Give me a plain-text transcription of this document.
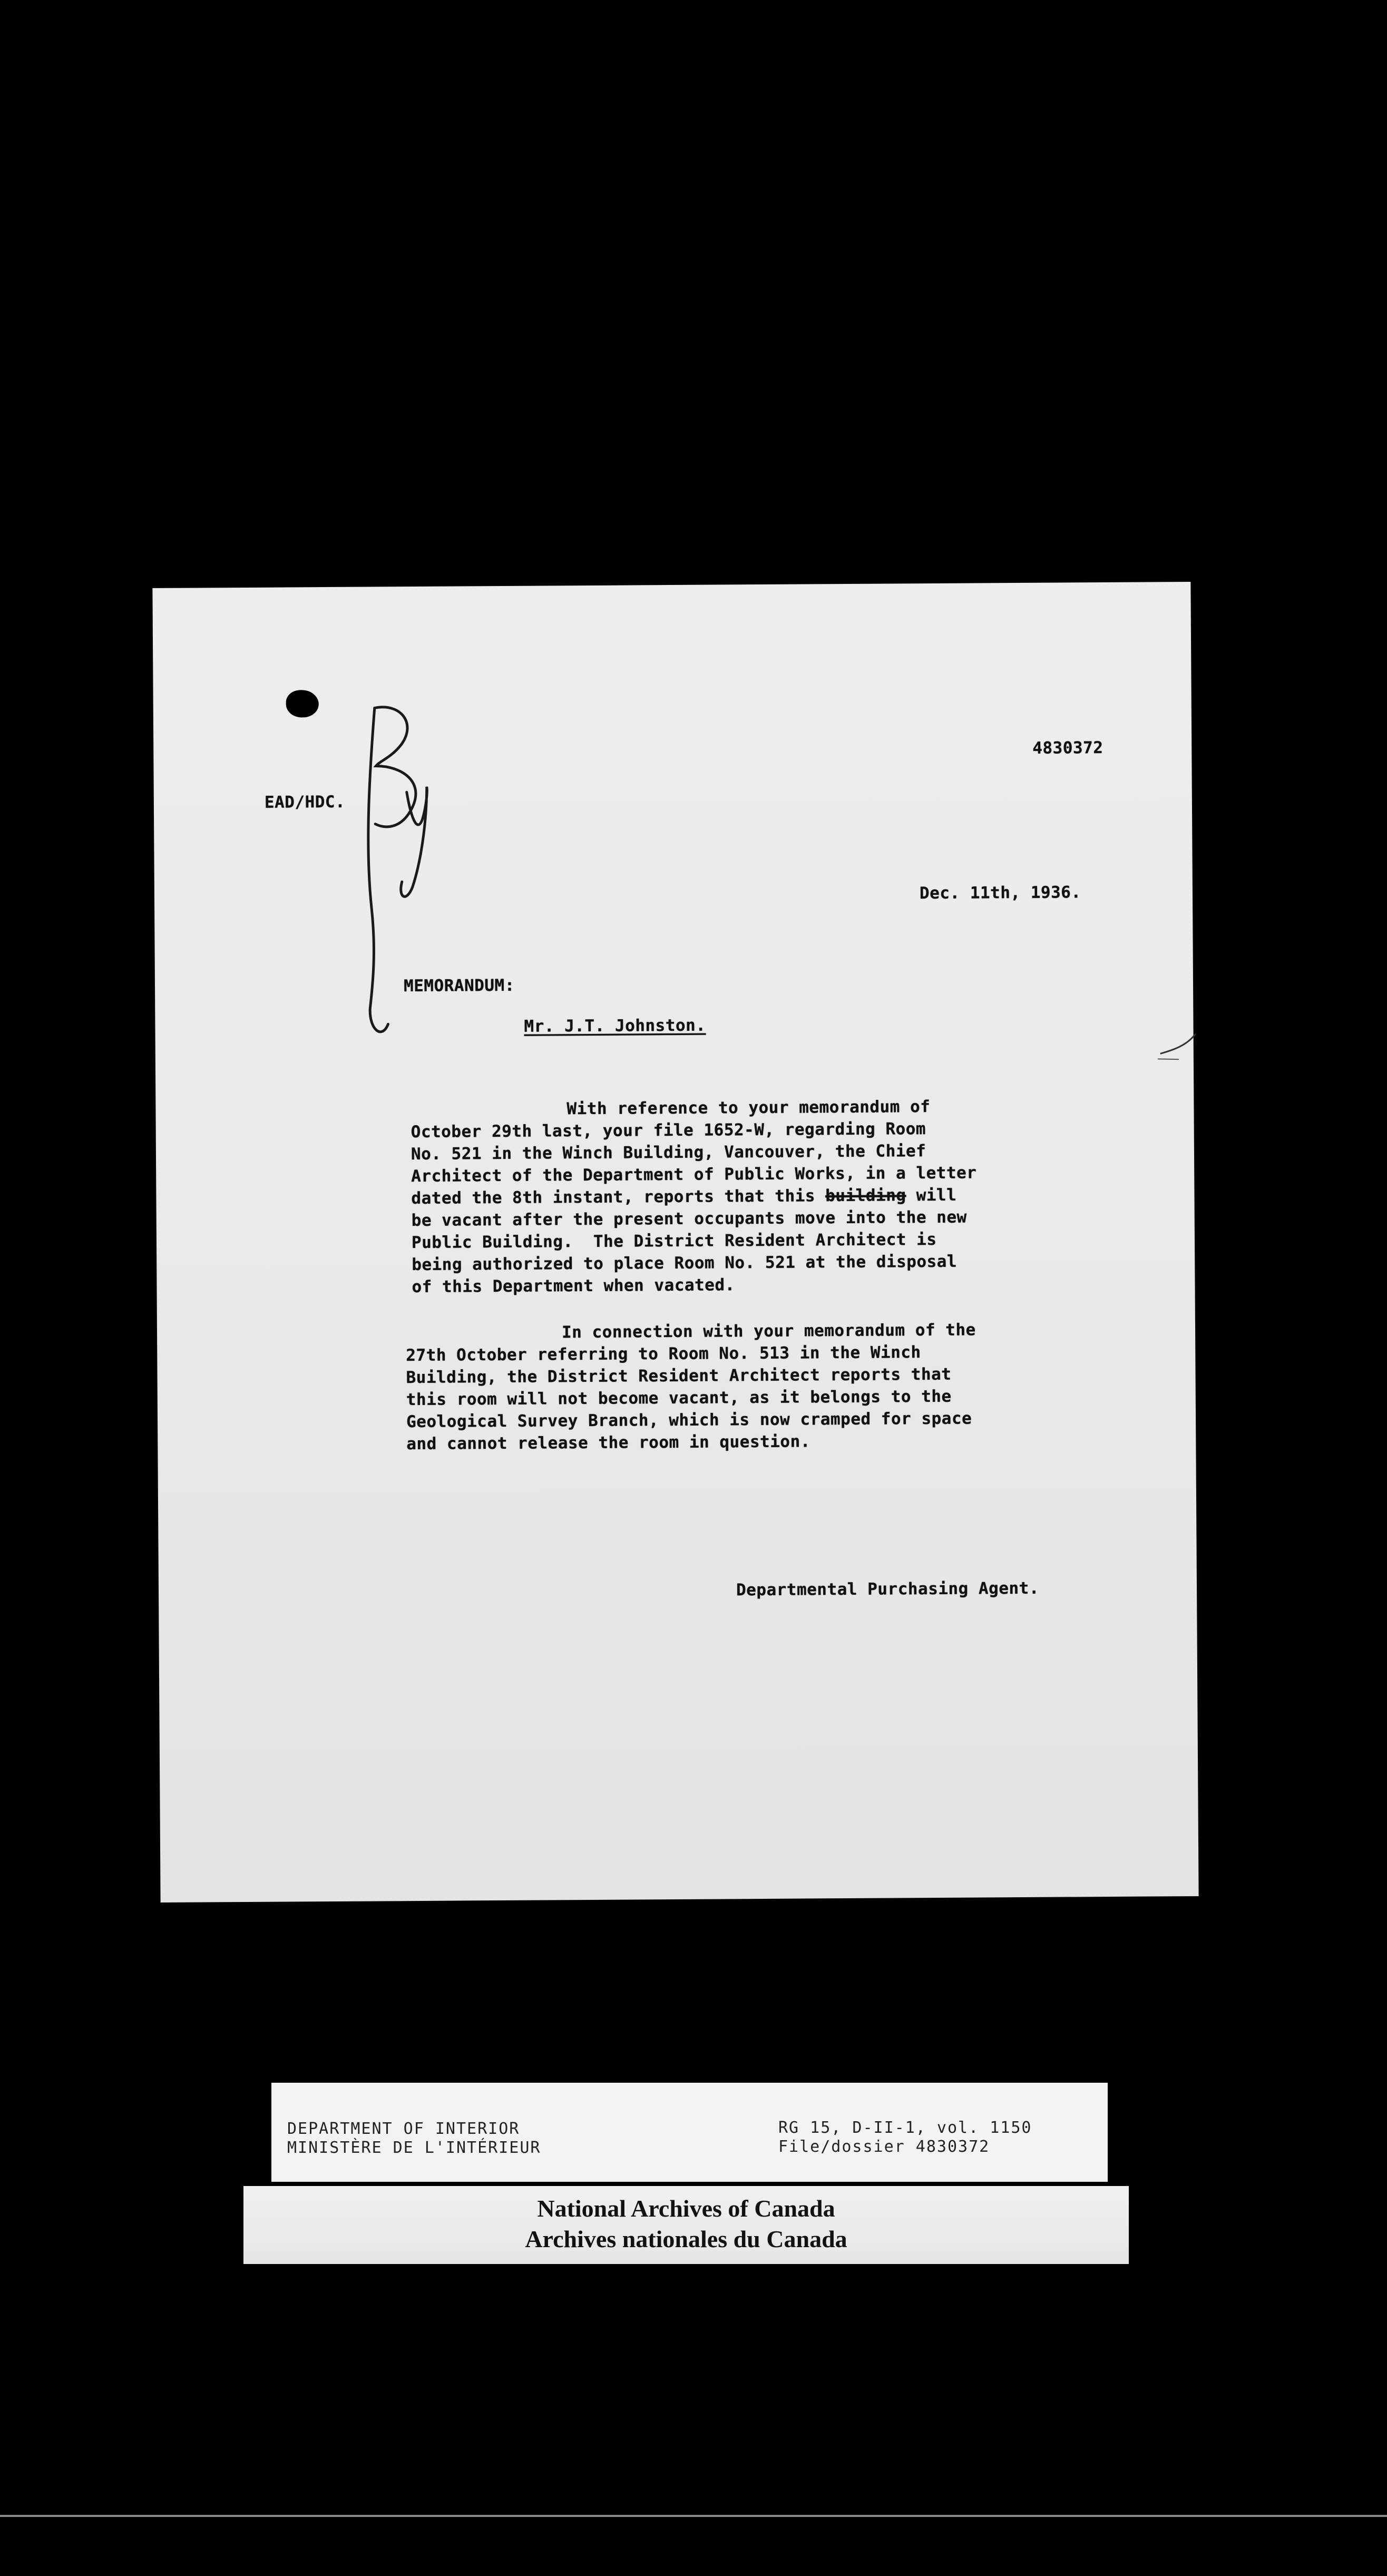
4830372
EAD/HDC.
Dec. 11th, 1936.
MEMORANDUM:
Mr. J.T. Johnston.
With reference to your memorandum of
October 29th last, your file 1652-W, regarding Room
No. 521 in the Winch Building, Vancouver, the Chief
Architect of the Department of Public Works, in a letter
dated the 8th instant, reports that this building will
be vacant after the present occupants move into the new
Public Building.  The District Resident Architect is
being authorized to place Room No. 521 at the disposal
of this Department when vacated.
In connection with your memorandum of the
27th October referring to Room No. 513 in the Winch
Building, the District Resident Architect reports that
this room will not become vacant, as it belongs to the
Geological Survey Branch, which is now cramped for space
and cannot release the room in question.
Departmental Purchasing Agent.
DEPARTMENT OF INTERIOR
MINISTÈRE DE L'INTÉRIEUR
RG 15, D-II-1, vol. 1150
File/dossier 4830372
National Archives of Canada
Archives nationales du Canada
